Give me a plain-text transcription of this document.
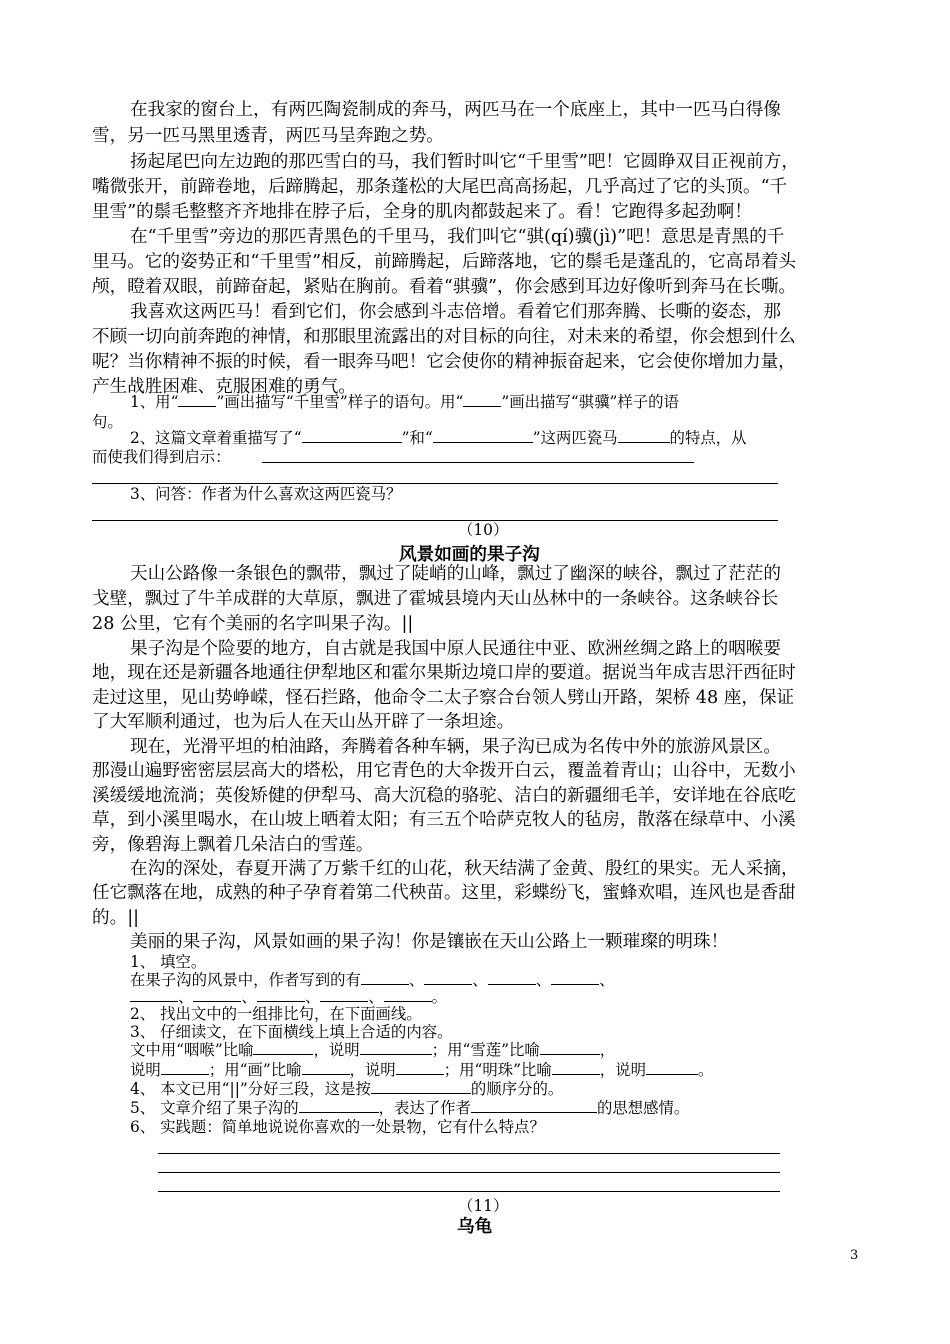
在我家的窗台上，有两匹陶瓷制成的奔马，两匹马在一个底座上，其中一匹马白得像
雪，另一匹马黑里透青，两匹马呈奔跑之势。
扬起尾巴向左边跑的那匹雪白的马，我们暂时叫它“千里雪”吧！它圆睁双目正视前方，
嘴微张开，前蹄卷地，后蹄腾起，那条蓬松的大尾巴高高扬起，几乎高过了它的头顶。“千
里雪”的鬃毛整整齐齐地排在脖子后，全身的肌肉都鼓起来了。看！它跑得多起劲啊！
在“千里雪”旁边的那匹青黑色的千里马，我们叫它“骐(qí)骥(jì)”吧！意思是青黑的千
里马。它的姿势正和“千里雪”相反，前蹄腾起，后蹄落地，它的鬃毛是蓬乱的，它高昂着头
颅，瞪着双眼，前蹄奋起，紧贴在胸前。看着“骐骥”，你会感到耳边好像听到奔马在长嘶。
我喜欢这两匹马！看到它们，你会感到斗志倍增。看着它们那奔腾、长嘶的姿态，那
不顾一切向前奔跑的神情，和那眼里流露出的对目标的向往，对未来的希望，你会想到什么
呢？当你精神不振的时候，看一眼奔马吧！它会使你的精神振奋起来，它会使你增加力量，
产生战胜困难、克服困难的勇气。
1、用“ ”画出描写“千里雪”样子的语句。用“ ”画出描写“骐骥”样子的语
句。
2、这篇文章着重描写了“	”和“	”这两匹瓷马	的特点，从
而使我们得到启示：
3、问答：作者为什么喜欢这两匹瓷马？
（10）
风景如画的果子沟
天山公路像一条银色的飘带，飘过了陡峭的山峰，飘过了幽深的峡谷，飘过了茫茫的
戈壁，飘过了牛羊成群的大草原，飘进了霍城县境内天山丛林中的一条峡谷。这条峡谷长
28 公里，它有个美丽的名字叫果子沟。||
果子沟是个险要的地方，自古就是我国中原人民通往中亚、欧洲丝绸之路上的咽喉要
地，现在还是新疆各地通往伊犁地区和霍尔果斯边境口岸的要道。据说当年成吉思汗西征时
走过这里，见山势峥嵘，怪石拦路，他命令二太子察合台领人劈山开路，架桥 48 座，保证
了大军顺利通过，也为后人在天山丛开辟了一条坦途。
现在，光滑平坦的柏油路，奔腾着各种车辆，果子沟已成为名传中外的旅游风景区。
那漫山遍野密密层层高大的塔松，用它青色的大伞拨开白云，覆盖着青山；山谷中，无数小
溪缓缓地流淌；英俊矫健的伊犁马、高大沉稳的骆驼、洁白的新疆细毛羊，安详地在谷底吃
草，到小溪里喝水，在山坡上晒着太阳；有三五个哈萨克牧人的毡房，散落在绿草中、小溪
旁，像碧海上飘着几朵洁白的雪莲。
在沟的深处，春夏开满了万紫千红的山花，秋天结满了金黄、殷红的果实。无人采摘，
任它飘落在地，成熟的种子孕育着第二代秧苗。这里，彩蝶纷飞，蜜蜂欢唱，连风也是香甜
的。||
美丽的果子沟，风景如画的果子沟！你是镶嵌在天山公路上一颗璀璨的明珠！
1、 填空。
在果子沟的风景中，作者写到的有	、	、	、	、
、	、	、	、	。
2、 找出文中的一组排比句，在下面画线。
3、 仔细读文，在下面横线上填上合适的内容。
文中用“咽喉”比喻	，说明	；用“雪莲”比喻	，
说明	；用“画”比喻	，说明	；用“明珠”比喻	，说明	。
4、 本文已用“||”分好三段，这是按	的顺序分的。
5、 文章介绍了果子沟的	，表达了作者	的思想感情。
6、 实践题：简单地说说你喜欢的一处景物，它有什么特点？
（11）
乌龟
3
